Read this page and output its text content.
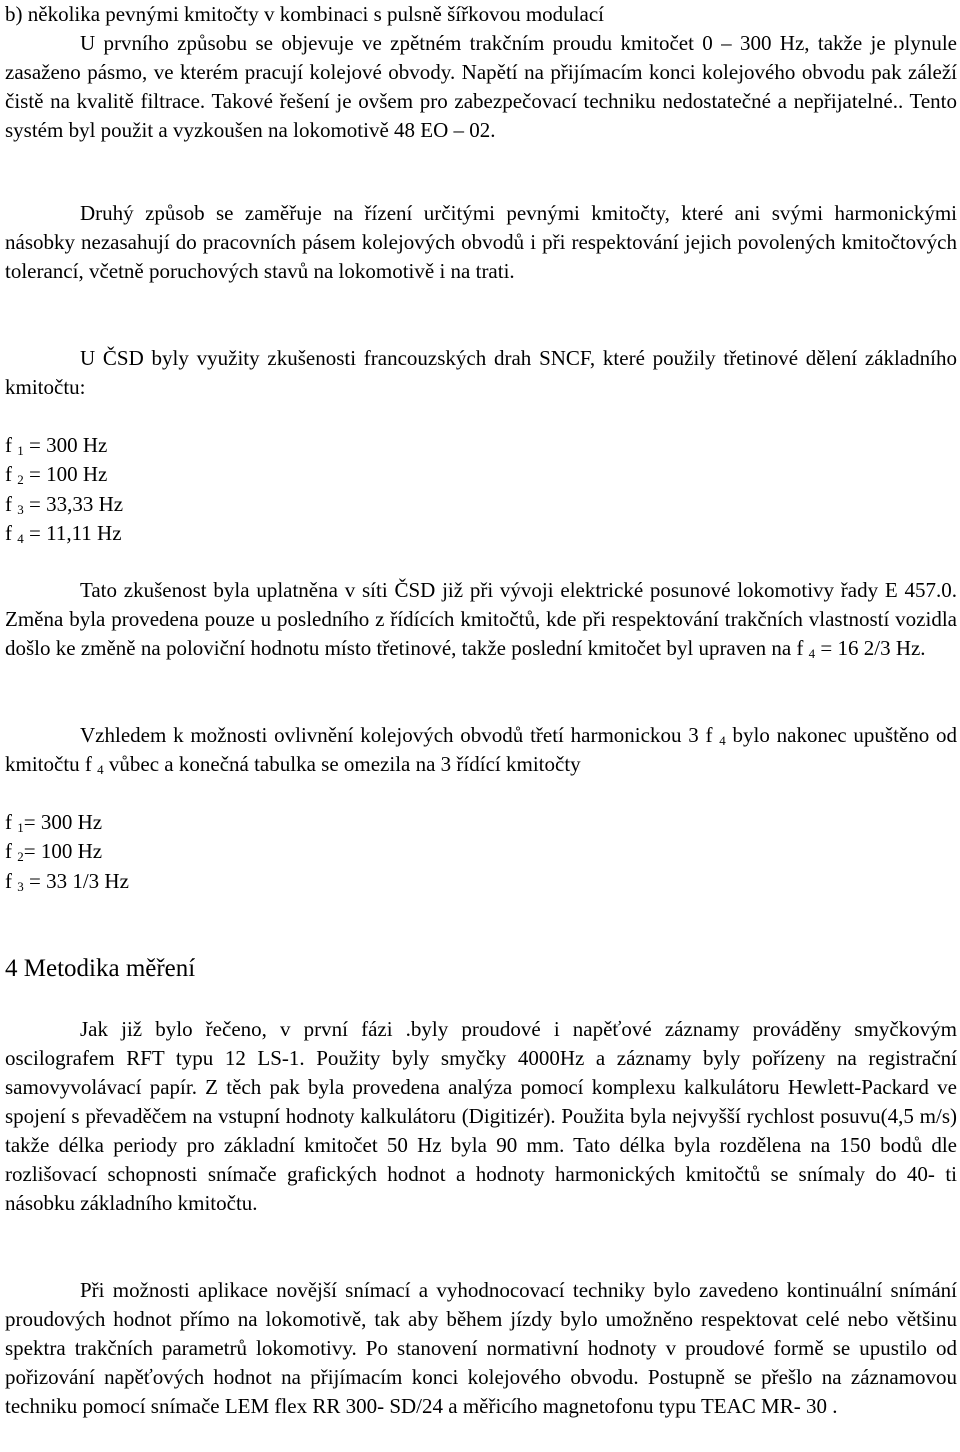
b) několika pevnými kmitočty v kombinaci s pulsně šířkovou modulací

U prvního způsobu se objevuje ve zpětném trakčním proudu kmitočet 0 – 300 Hz, takže je plynule zasaženo pásmo, ve kterém pracují kolejové obvody. Napětí na přijímacím konci kolejového obvodu pak záleží čistě na kvalitě filtrace. Takové řešení je ovšem pro zabezpečovací techniku nedostatečné a nepřijatelné.. Tento systém byl použit a vyzkoušen na lokomotivě 48 EO – 02.

Druhý způsob se zaměřuje na řízení určitými pevnými kmitočty, které ani svými harmonickými násobky nezasahují do pracovních pásem kolejových obvodů i při respektování jejich povolených kmitočtových tolerancí, včetně poruchových stavů na lokomotivě i na trati.

U ČSD byly využity zkušenosti francouzských drah SNCF, které použily třetinové dělení základního kmitočtu:

f $_1$ = 300 Hz

f $_2$ = 100 Hz

f $_3$ = 33,33 Hz

f $_4$ = 11,11 Hz

Tato zkušenost byla uplatněna v síti ČSD již při vývoji elektrické posunové lokomotivy řady E 457.0. Změna byla provedena pouze u posledního z řídících kmitočtů, kde při respektování trakčních vlastností vozidla došlo ke změně na poloviční hodnotu místo třetinové, takže poslední kmitočet byl upraven na f $_4$ = 16 2/3 Hz.

Vzhledem k možnosti ovlivnění kolejových obvodů třetí harmonickou 3 f $_4$ bylo nakonec upuštěno od kmitočtu f $_4$ vůbec a konečná tabulka se omezila na 3 řídící kmitočty

f $_1$= 300 Hz

f $_2$= 100 Hz

f $_3$ = 33 1/3 Hz

4 Metodika měření

Jak již bylo řečeno, v první fázi .byly proudové i napěťové záznamy prováděny smyčkovým oscilografem RFT typu 12 LS-1. Použity byly smyčky 4000Hz a záznamy byly pořízeny na registrační samovyvolávací papír. Z těch pak byla provedena analýza pomocí komplexu kalkulátoru Hewlett-Packard ve spojení s převaděčem na vstupní hodnoty kalkulátoru (Digitizér). Použita byla nejvyšší rychlost posuvu(4,5 m/s) takže délka periody pro základní kmitočet 50 Hz byla 90 mm. Tato délka byla rozdělena na 150 bodů dle rozlišovací schopnosti snímače grafických hodnot a hodnoty harmonických kmitočtů se snímaly do 40- ti násobku základního kmitočtu.

Při možnosti aplikace novější snímací a vyhodnocovací techniky bylo zavedeno kontinuální snímání proudových hodnot přímo na lokomotivě, tak aby během jízdy bylo umožněno respektovat celé nebo většinu spektra trakčních parametrů lokomotivy. Po stanovení normativní hodnoty v proudové formě se upustilo od pořizování napěťových hodnot na přijímacím konci kolejového obvodu. Postupně se přešlo na záznamovou techniku pomocí snímače LEM flex RR 300- SD/24 a měřicího magnetofonu typu TEAC MR- 30 .
